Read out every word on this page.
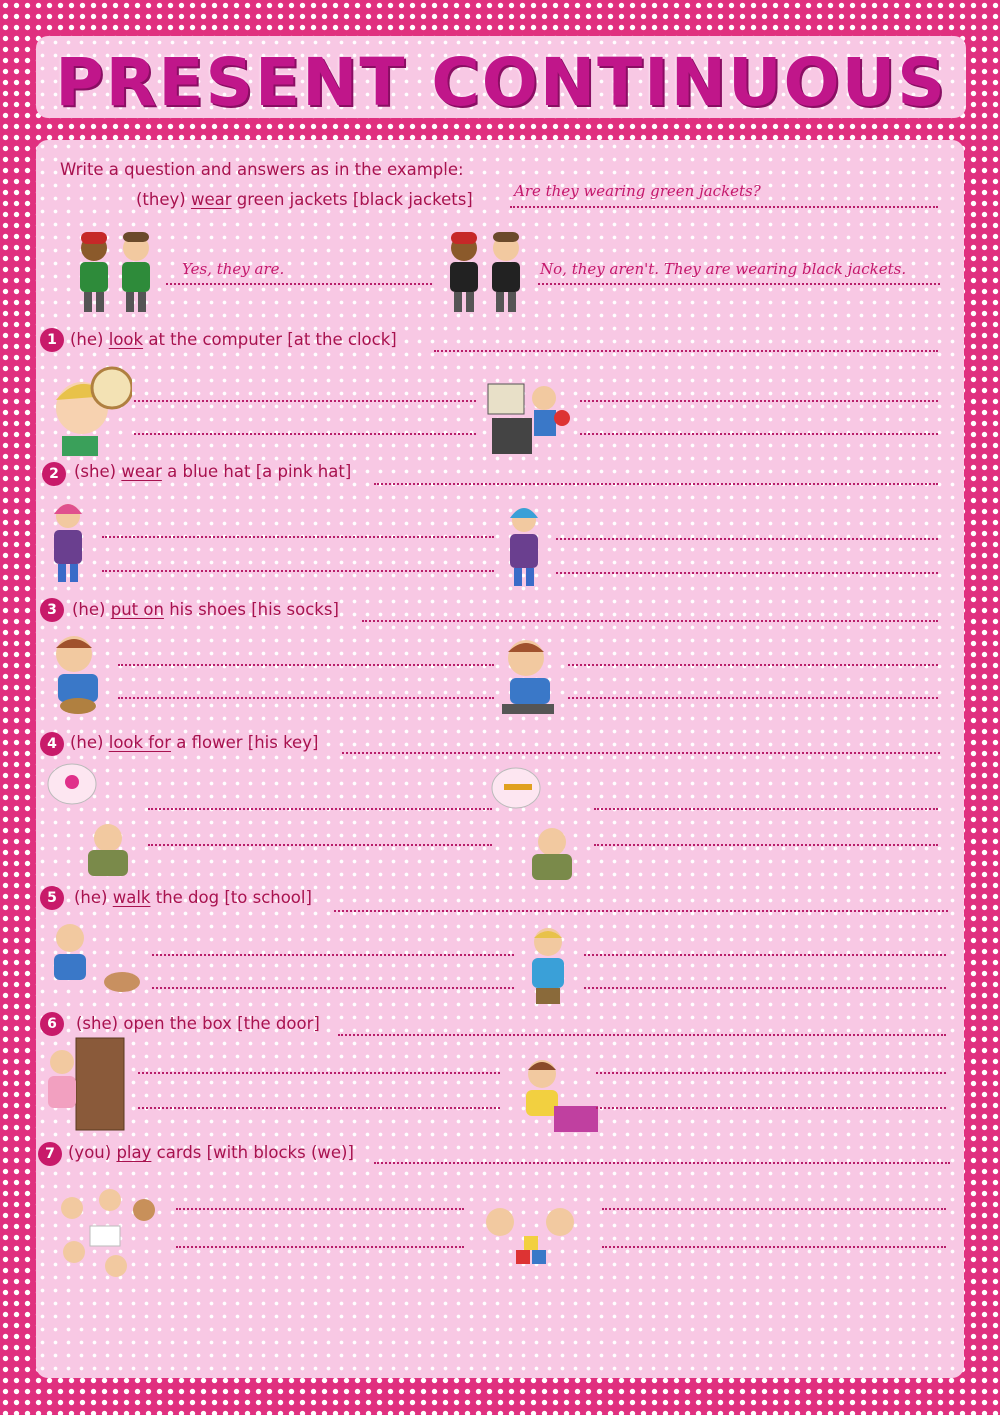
PRESENT CONTINUOUS
Write a question and answers as in the example:
(they) wear green jackets [black jackets]	Are they wearing green jackets?
Yes, they are.	No, they aren't. They are wearing black jackets.
1 (he) look at the computer [at the clock]
2 (she) wear a blue hat [a pink hat]
3 (he) put on his shoes [his socks]
4 (he) look for a flower [his key]
5	(he) walk the dog [to school]
6	(she) open the box [the door]
7 (you) play cards [with blocks (we)]
